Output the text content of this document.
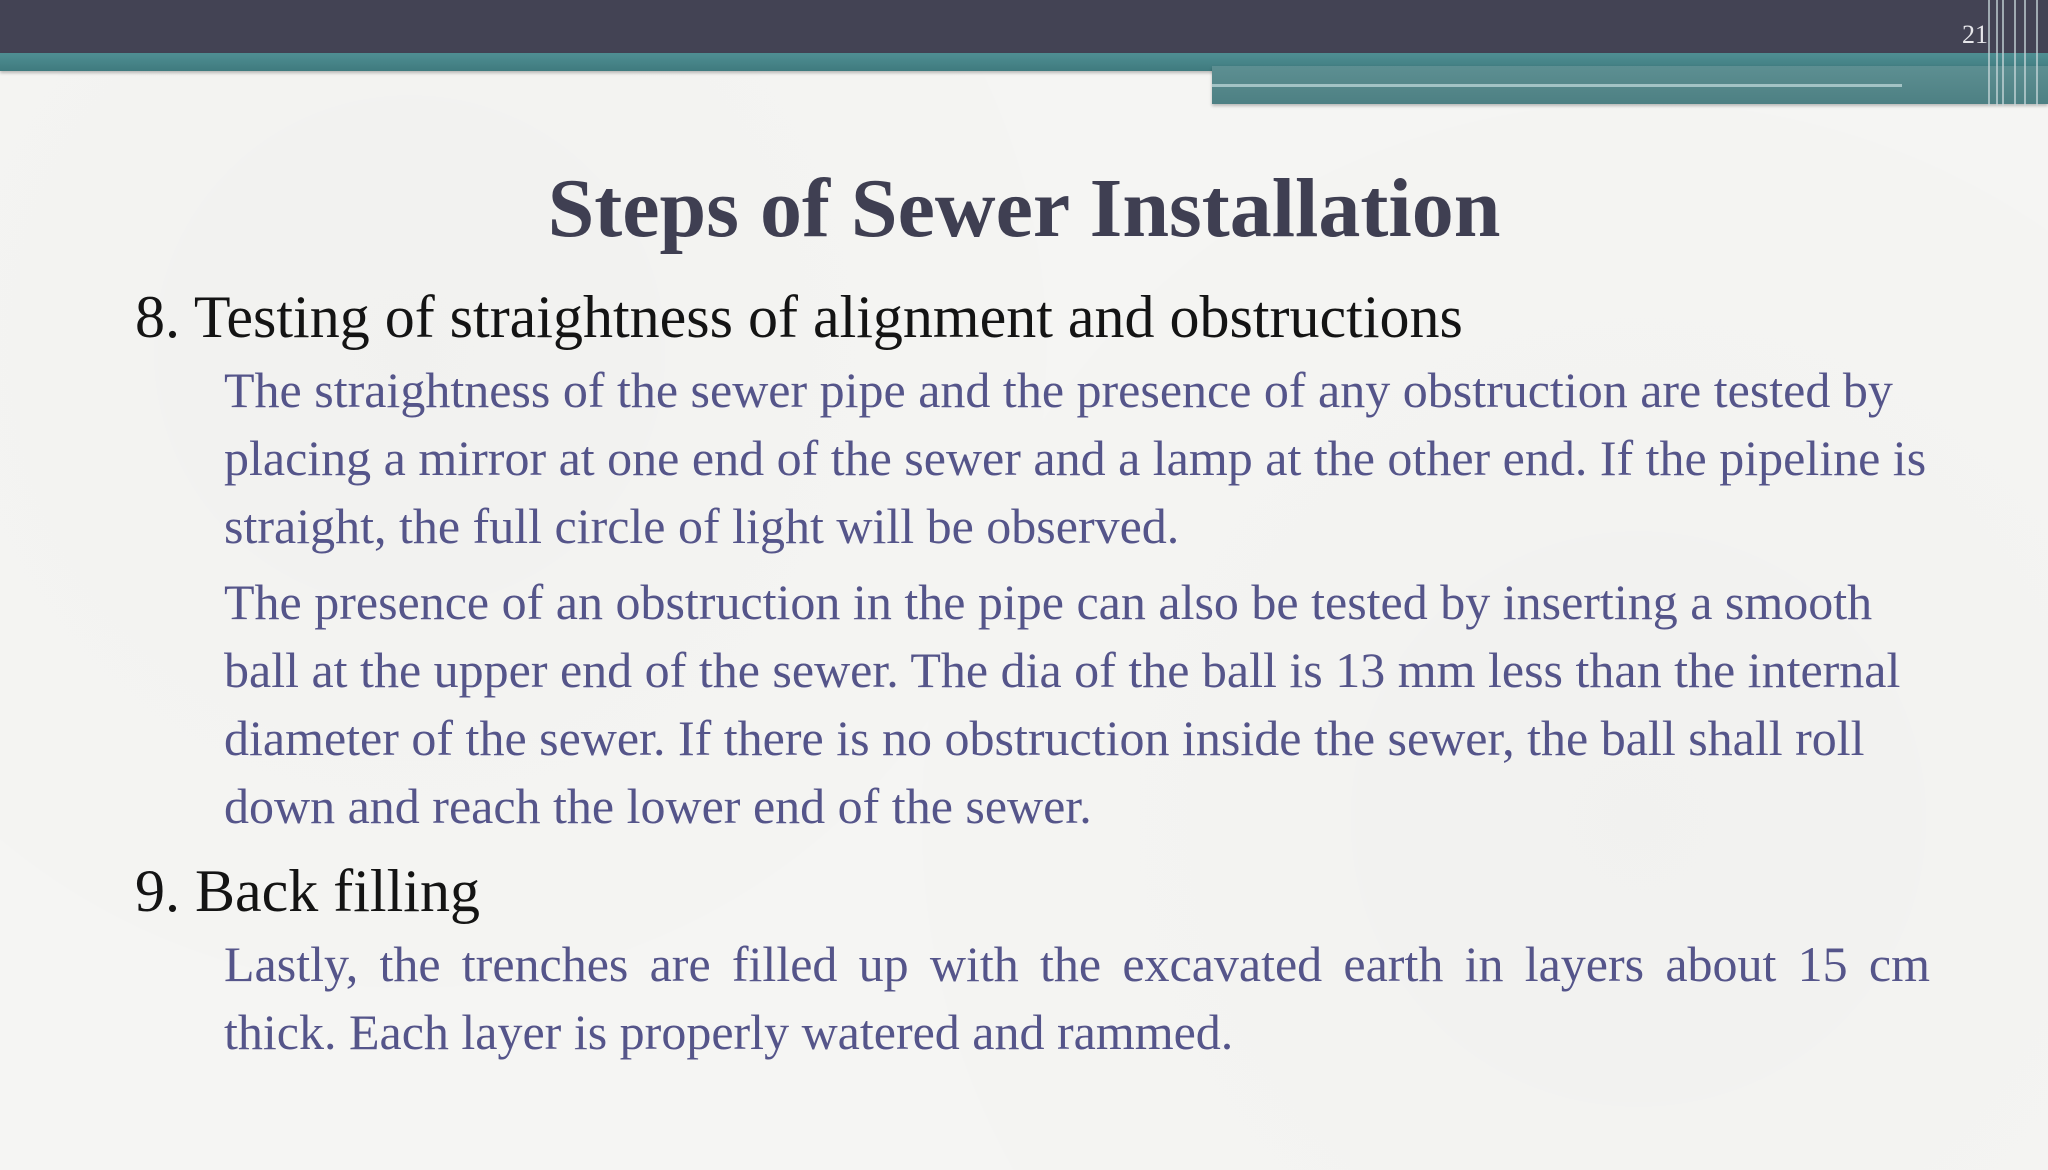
21
Steps of Sewer Installation

8. Testing of straightness of alignment and obstructions

The straightness of the sewer pipe and the presence of any obstruction are tested by placing a mirror at one end of the sewer and a lamp at the other end. If the pipeline is straight, the full circle of light will be observed.

The presence of an obstruction in the pipe can also be tested by inserting a smooth ball at the upper end of the sewer. The dia of the ball is 13 mm less than the internal diameter of the sewer. If there is no obstruction inside the sewer, the ball shall roll down and reach the lower end of the sewer.

9. Back filling

Lastly, the trenches are filled up with the excavated earth in layers about 15 cm thick. Each layer is properly watered and rammed.
